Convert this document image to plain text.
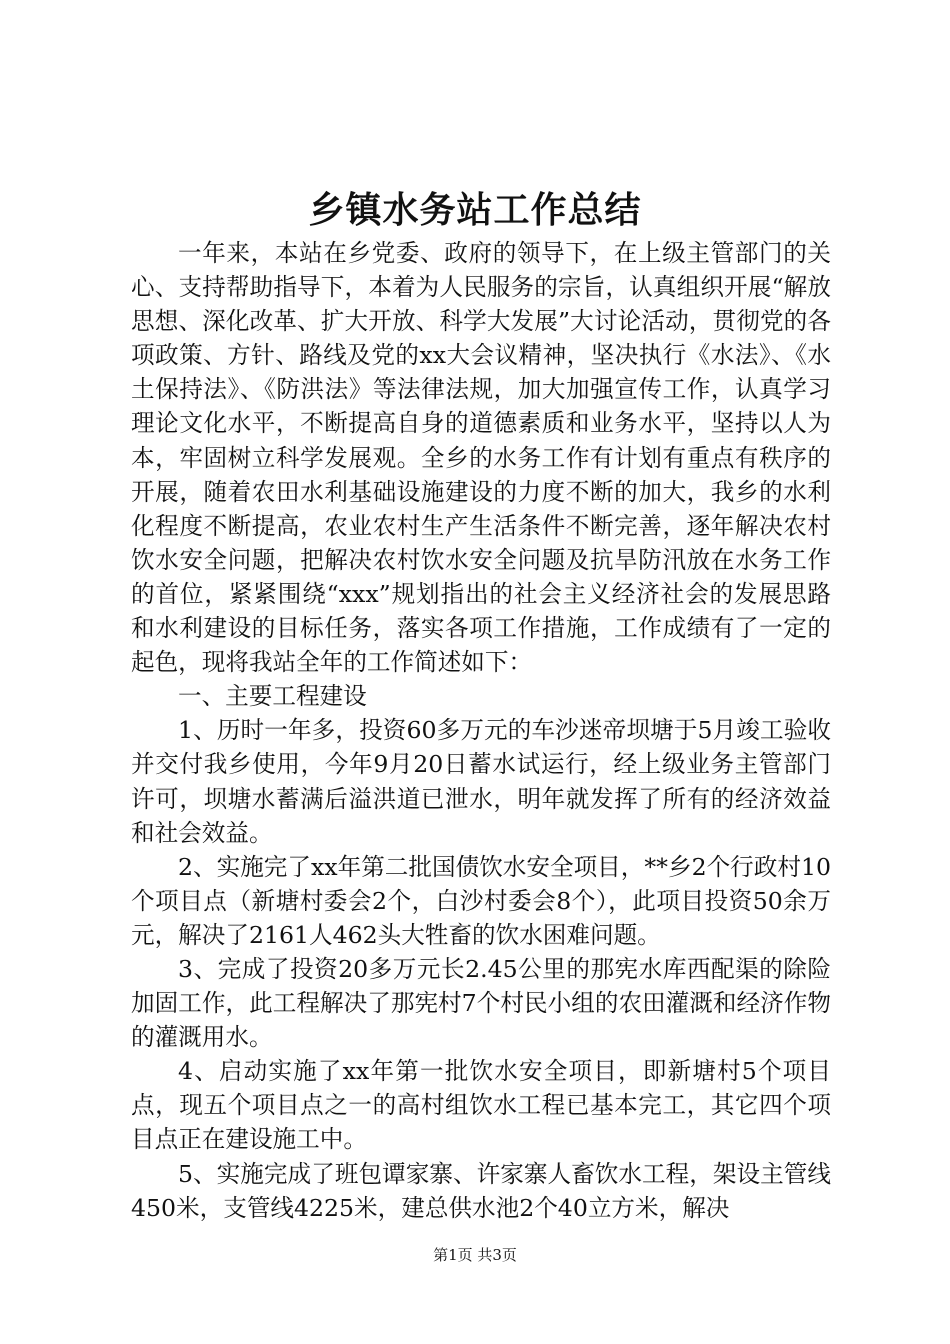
乡镇水务站工作总结

一年来，本站在乡党委、政府的领导下，在上级主管部门的关心、支持帮助指导下，本着为人民服务的宗旨，认真组织开展“解放思想、深化改革、扩大开放、科学大发展”大讨论活动，贯彻党的各项政策、方针、路线及党的xx大会议精神，坚决执行《水法》、《水土保持法》、《防洪法》等法律法规，加大加强宣传工作，认真学习理论文化水平，不断提高自身的道德素质和业务水平，坚持以人为本，牢固树立科学发展观。全乡的水务工作有计划有重点有秩序的开展，随着农田水利基础设施建设的力度不断的加大，我乡的水利化程度不断提高，农业农村生产生活条件不断完善，逐年解决农村饮水安全问题，把解决农村饮水安全问题及抗旱防汛放在水务工作的首位，紧紧围绕“xxx”规划指出的社会主义经济社会的发展思路和水利建设的目标任务，落实各项工作措施，工作成绩有了一定的起色，现将我站全年的工作简述如下：

一、主要工程建设

1、历时一年多，投资60多万元的车沙迷帝坝塘于5月竣工验收并交付我乡使用，今年9月20日蓄水试运行，经上级业务主管部门许可，坝塘水蓄满后溢洪道已泄水，明年就发挥了所有的经济效益和社会效益。

2、实施完了xx年第二批国债饮水安全项目，**乡2个行政村10个项目点（新塘村委会2个，白沙村委会8个），此项目投资50余万元，解决了2161人462头大牲畜的饮水困难问题。

3、完成了投资20多万元长2.45公里的那宪水库西配渠的除险加固工作，此工程解决了那宪村7个村民小组的农田灌溉和经济作物的灌溉用水。

4、启动实施了xx年第一批饮水安全项目，即新塘村5个项目点，现五个项目点之一的高村组饮水工程已基本完工，其它四个项目点正在建设施工中。

5、实施完成了班包谭家寨、许家寨人畜饮水工程，架设主管线450米，支管线4225米，建总供水池2个40立方米，解决

第1页 共3页
